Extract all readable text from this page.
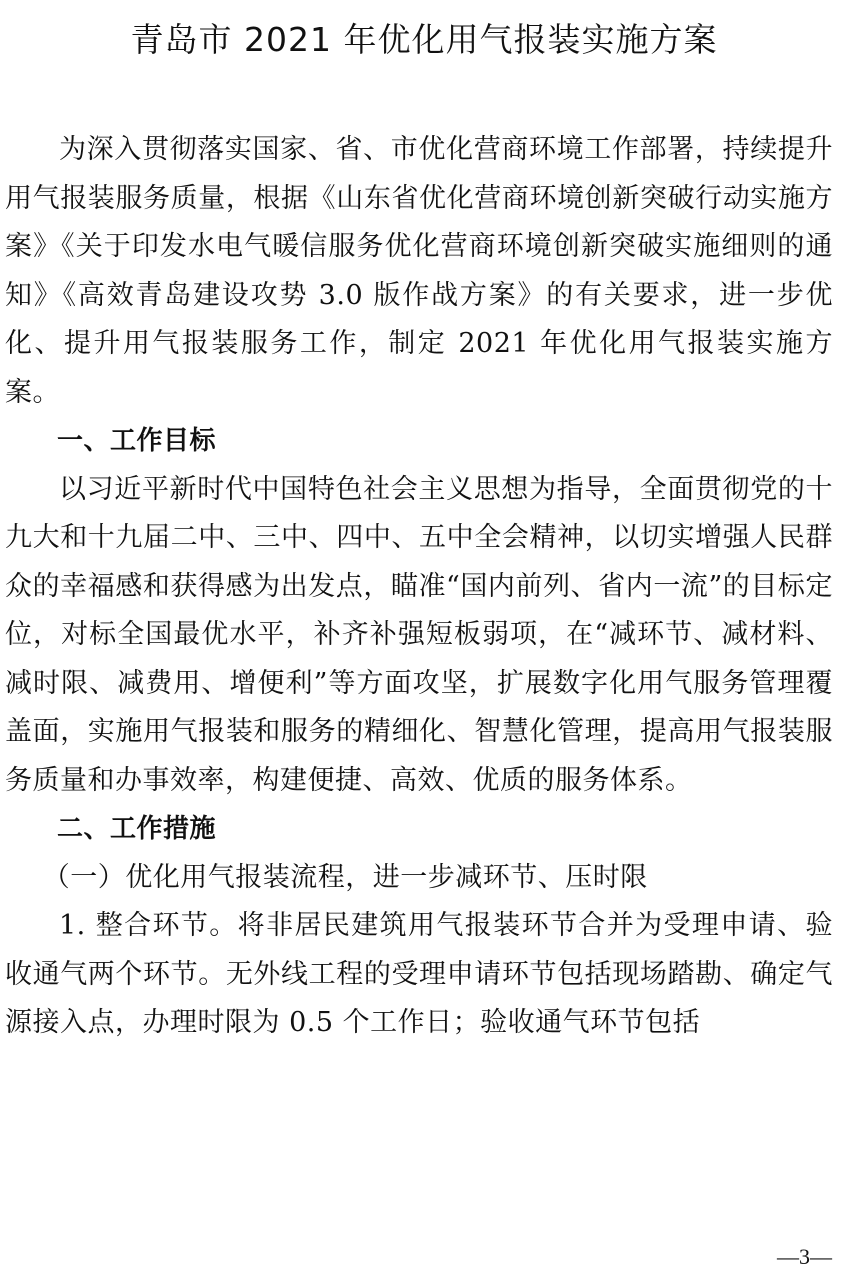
青岛市 2021 年优化用气报装实施方案

为深入贯彻落实国家、省、市优化营商环境工作部署，持续提升用气报装服务质量，根据《山东省优化营商环境创新突破行动实施方案》《关于印发水电气暖信服务优化营商环境创新突破实施细则的通知》《高效青岛建设攻势 3.0 版作战方案》的有关要求，进一步优化、提升用气报装服务工作，制定 2021 年优化用气报装实施方案。

一、工作目标

以习近平新时代中国特色社会主义思想为指导，全面贯彻党的十九大和十九届二中、三中、四中、五中全会精神，以切实增强人民群众的幸福感和获得感为出发点，瞄准“国内前列、省内一流”的目标定位，对标全国最优水平，补齐补强短板弱项，在“减环节、减材料、减时限、减费用、增便利”等方面攻坚，扩展数字化用气服务管理覆盖面，实施用气报装和服务的精细化、智慧化管理，提高用气报装服务质量和办事效率，构建便捷、高效、优质的服务体系。

二、工作措施

（一）优化用气报装流程，进一步减环节、压时限

1. 整合环节。将非居民建筑用气报装环节合并为受理申请、验收通气两个环节。无外线工程的受理申请环节包括现场踏勘、确定气源接入点，办理时限为 0.5 个工作日；验收通气环节包括

—3—
